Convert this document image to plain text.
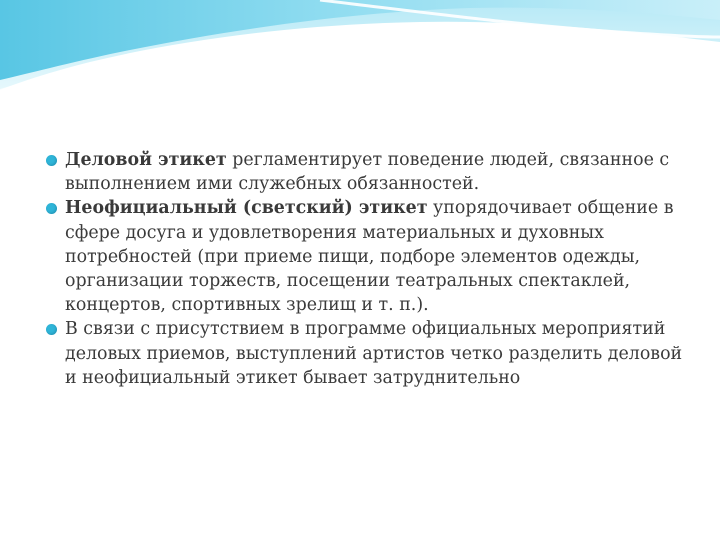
Деловой этикет регламентирует поведение людей, связанное с выполнением ими служебных обязанностей.
Неофициальный (светский) этикет упорядочивает общение в сфере досуга и удовлетворения материальных и духовных потребностей (при приеме пищи, подборе элементов одежды, организации торжеств, посещении театральных спектаклей, концертов, спортивных зрелищ и т. п.).
В связи с присутствием в программе официальных мероприятий деловых приемов, выступлений артистов четко разделить деловой и неофициальный этикет бывает затруднительно
